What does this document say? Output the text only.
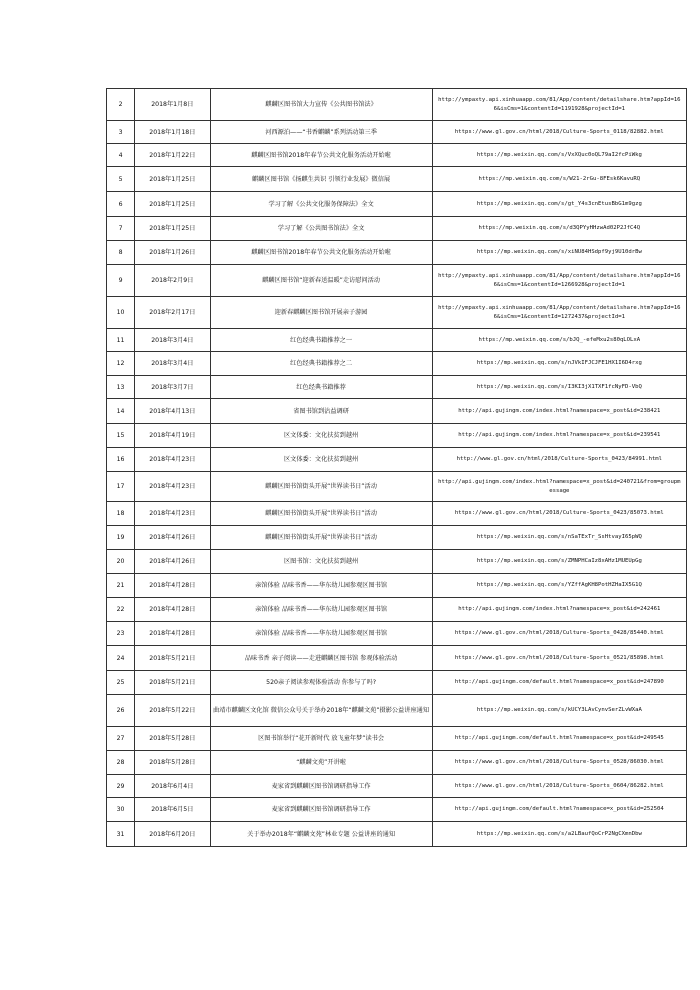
2	2018年1月8日	麒麟区图书馆大力宣传《公共图书馆法》	http://ympaxty.api.xinhuaapp.com/81/App/content/detailshare.htm?appId=166&isCms=1&contentId=1191928&projectId=1
3	2018年1月18日	河西源泊——“书香麒麟”系列活动第三季	https://www.gl.gov.cn/html/2018/Culture-Sports_0118/82882.html
4	2018年1月22日	麒麟区图书馆2018年春节公共文化服务活动开始啦	https://mp.weixin.qq.com/s/VxXQuc0oQL79aI2fcPiWkg
5	2018年1月25日	麒麟区图书馆《扬麒生共识 引领行业发展》微信展	https://mp.weixin.qq.com/s/W21-2rGu-8FEsk6KavuRQ
6	2018年1月25日	学习了解《公共文化服务保障法》全文	https://mp.weixin.qq.com/s/gt_Y4s3cnEtusBbG1m9gzg
7	2018年1月25日	学习了解《公共图书馆法》全文	https://mp.weixin.qq.com/s/d3QPYyHHzwAd02P2JfC4Q
8	2018年1月26日	麒麟区图书馆2018年春节公共文化服务活动开始啦	https://mp.weixin.qq.com/s/xiNU84HSdpf9yj9U10drBw
9	2018年2月9日	麒麟区图书馆“迎新春送温暖”走访慰问活动	http://ympaxty.api.xinhuaapp.com/81/App/content/detailshare.htm?appId=166&isCms=1&contentId=1266928&projectId=1
10	2018年2月17日	迎新春麒麟区图书馆开展亲子游园	http://ympaxty.api.xinhuaapp.com/81/App/content/detailshare.htm?appId=166&isCms=1&contentId=1272437&projectId=1
11	2018年3月4日	红色经典书籍推荐之一	https://mp.weixin.qq.com/s/bJQ_-efeMxu2s80qLOLxA
12	2018年3月4日	红色经典书籍推荐之二	https://mp.weixin.qq.com/s/nJVkIFJCJFE1HX1I6D4rxg
13	2018年3月7日	红色经典书籍推荐	https://mp.weixin.qq.com/s/I3KI3jX1TXF1fcNyFD-VbQ
14	2018年4月13日	省图书馆到沾益调研	http://api.gujingm.com/index.html?namespace=x_post&id=238421
15	2018年4月19日	区文体委：文化扶贫到越州	http://api.gujingm.com/index.html?namespace=x_post&id=239541
16	2018年4月23日	区文体委：文化扶贫到越州	http://www.gl.gov.cn/html/2018/Culture-Sports_0423/84991.html
17	2018年4月23日	麒麟区图书馆街头开展“世界读书日”活动	http://api.gujingm.com/index.html?namespace=x_post&id=240721&from=groupmessage
18	2018年4月23日	麒麟区图书馆街头开展“世界读书日”活动	https://www.gl.gov.cn/html/2018/Culture-Sports_0423/85073.html
19	2018年4月26日	麒麟区图书馆街头开展“世界读书日”活动	https://mp.weixin.qq.com/s/nSaTExTr_SsHtvayI65pWQ
20	2018年4月26日	区图书馆：文化扶贫到越州	https://mp.weixin.qq.com/s/ZMNPHCaIz8xAHz1MUEUpGg
21	2018年4月28日	亲馆体验 品味书香——华东幼儿园参观区图书馆	https://mp.weixin.qq.com/s/YZffAgKH8PotHZHaIX5G1Q
22	2018年4月28日	亲馆体验 品味书香——华东幼儿园参观区图书馆	http://api.gujingm.com/index.html?namespace=x_post&id=242461
23	2018年4月28日	亲馆体验 品味书香——华东幼儿园参观区图书馆	https://www.gl.gov.cn/html/2018/Culture-Sports_0428/85440.html
24	2018年5月21日	品味书香 亲子阅读——走进麒麟区图书馆 参观体验活动	https://www.gl.gov.cn/html/2018/Culture-Sports_0521/85898.html
25	2018年5月21日	520亲子阅读参观体验活动 你参与了吗?	http://api.gujingm.com/default.html?namespace=x_post&id=247890
26	2018年5月22日	曲靖市麒麟区文化馆 微信公众号关于举办2018年“麒麟文苑”摄影公益讲座通知	https://mp.weixin.qq.com/s/kUCY3LAvCynvSerZLvWXaA
27	2018年5月28日	区图书馆举行“花开新时代 放飞童年梦”读书会	http://api.gujingm.com/default.html?namespace=x_post&id=249545
28	2018年5月28日	“麒麟文苑”开讲啦	https://www.gl.gov.cn/html/2018/Culture-Sports_0528/86030.html
29	2018年6月4日	麦家省到麒麟区图书馆调研指导工作	https://www.gl.gov.cn/html/2018/Culture-Sports_0604/86282.html
30	2018年6月5日	麦家省到麒麟区图书馆调研指导工作	http://api.gujingm.com/default.html?namespace=x_post&id=252504
31	2018年6月20日	关于举办2018年“麒麟文苑”林业专题 公益讲座的通知	https://mp.weixin.qq.com/s/a2LBaufQoCrP2NgCXmnDbw
